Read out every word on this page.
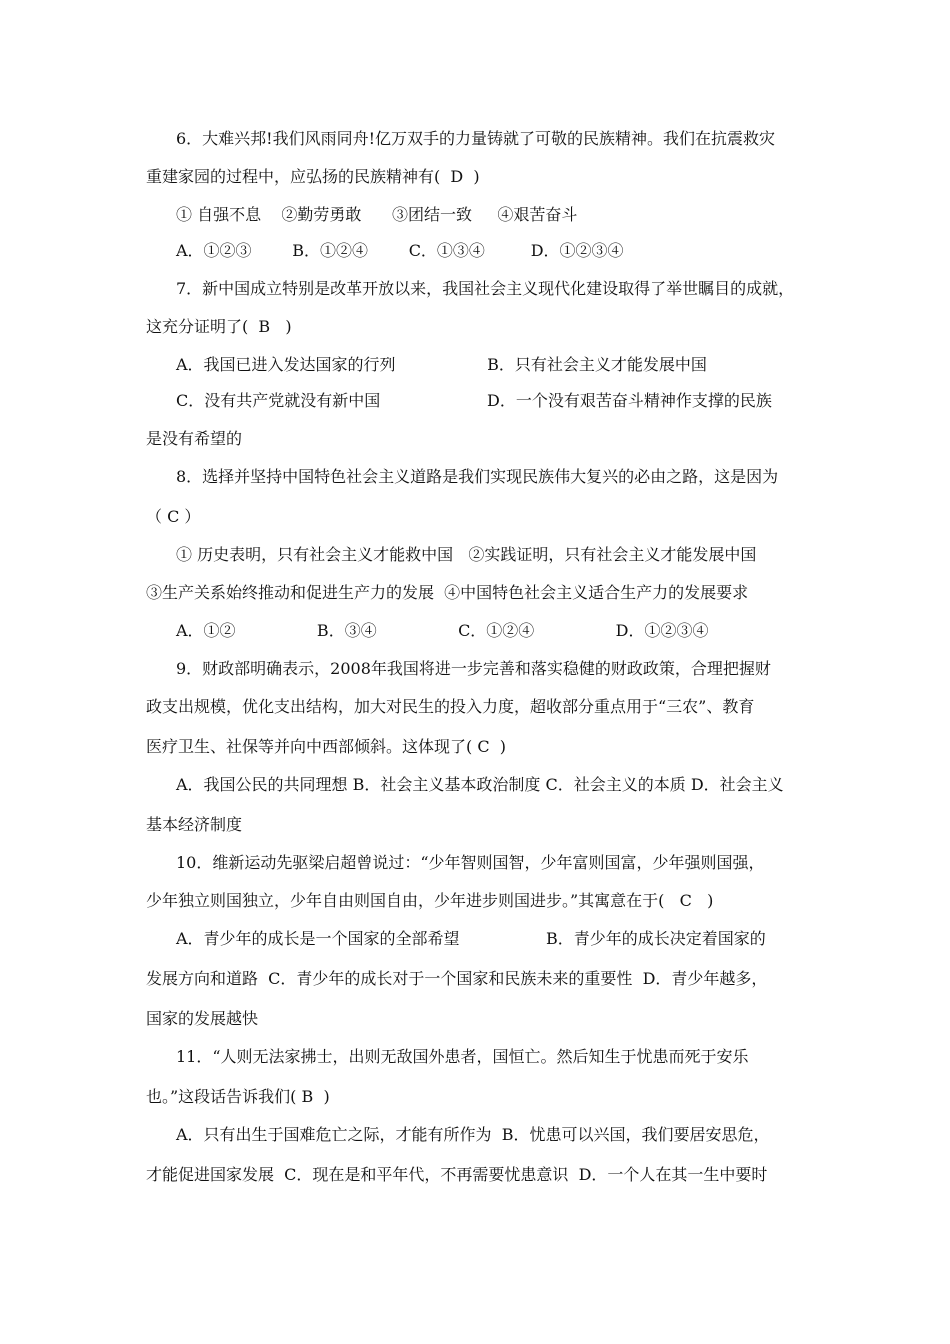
6．大难兴邦!我们风雨同舟!亿万双手的力量铸就了可敬的民族精神。我们在抗震救灾
重建家园的过程中，应弘扬的民族精神有(  D  )
① 自强不息    ②勤劳勇敢      ③团结一致     ④艰苦奋斗
A．①②③        B．①②④        C．①③④         D．①②③④
7．新中国成立特别是改革开放以来，我国社会主义现代化建设取得了举世瞩目的成就，
这充分证明了(  B   )
A．我国已进入发达国家的行列                  B．只有社会主义才能发展中国
C．没有共产党就没有新中国                     D．一个没有艰苦奋斗精神作支撑的民族
是没有希望的
8．选择并坚持中国特色社会主义道路是我们实现民族伟大复兴的必由之路，这是因为
（ C ）
① 历史表明，只有社会主义才能救中国   ②实践证明，只有社会主义才能发展中国
③生产关系始终推动和促进生产力的发展  ④中国特色社会主义适合生产力的发展要求
A．①②                B．③④                C．①②④                D．①②③④
9．财政部明确表示，2008年我国将进一步完善和落实稳健的财政政策，合理把握财
政支出规模，优化支出结构，加大对民生的投入力度，超收部分重点用于“三农”、教育
医疗卫生、社保等并向中西部倾斜。这体现了( C  )
A．我国公民的共同理想 B．社会主义基本政治制度 C．社会主义的本质 D．社会主义
基本经济制度
10．维新运动先驱梁启超曾说过：“少年智则国智，少年富则国富，少年强则国强，
少年独立则国独立，少年自由则国自由，少年进步则国进步。”其寓意在于(   C   )
A．青少年的成长是一个国家的全部希望                 B．青少年的成长决定着国家的
发展方向和道路  C．青少年的成长对于一个国家和民族未来的重要性  D．青少年越多，
国家的发展越快
11．“人则无法家拂士，出则无敌国外患者，国恒亡。然后知生于忧患而死于安乐
也。”这段话告诉我们( B  )
A．只有出生于国难危亡之际，才能有所作为  B．忧患可以兴国，我们要居安思危，
才能促进国家发展  C．现在是和平年代，不再需要忧患意识  D．一个人在其一生中要时
